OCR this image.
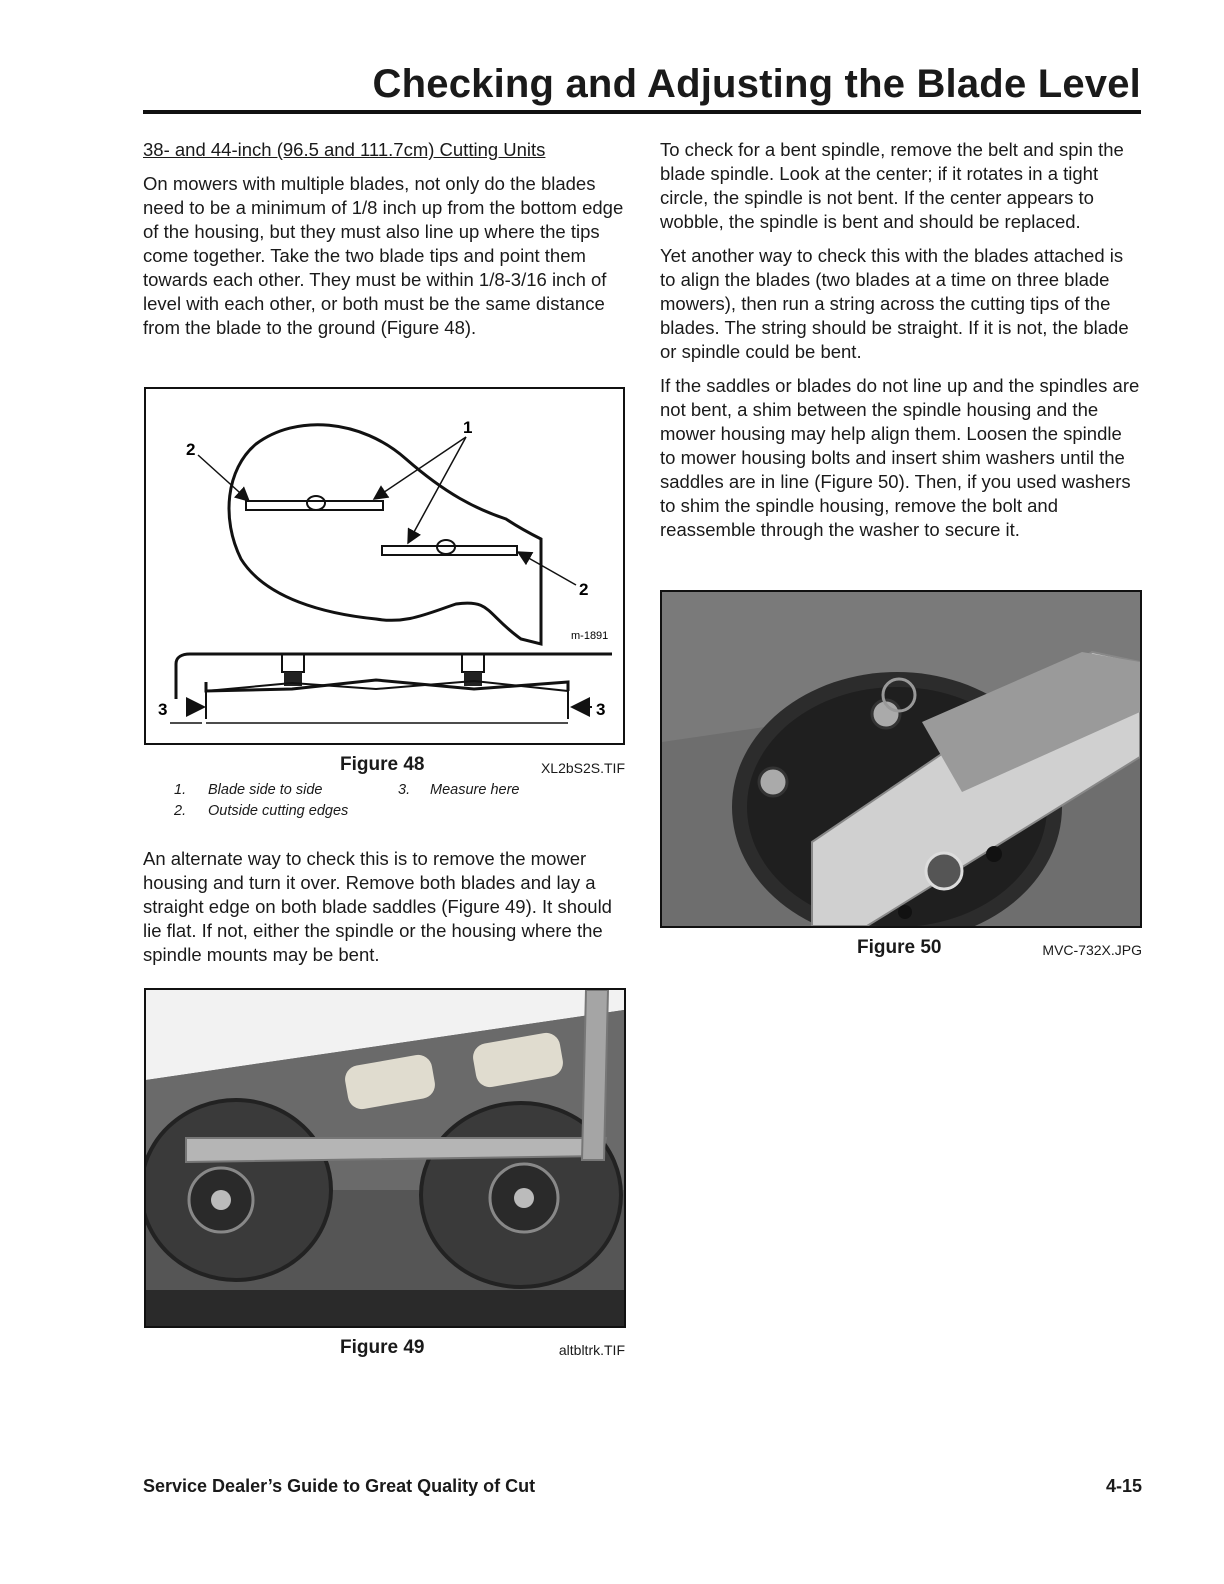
Checking and Adjusting the Blade Level

38- and 44-inch (96.5 and 111.7cm) Cutting Units

On mowers with multiple blades, not only do the blades need to be a minimum of 1/8 inch up from the bottom edge of the housing, but they must also line up where the tips come together. Take the two blade tips and point them towards each other. They must be within 1/8-3/16 inch of level with each other, or both must be the same distance from the blade to the ground (Figure 48).

1
2
2
m-1891
3	3
Figure 48	XL2bS2S.TIF
1. Blade side to side
2. Outside cutting edges
3. Measure here

An alternate way to check this is to remove the mower housing and turn it over. Remove both blades and lay a straight edge on both blade saddles (Figure 49). It should lie flat. If not, either the spindle or the housing where the spindle mounts may be bent.

Figure 49	altbltrk.TIF

To check for a bent spindle, remove the belt and spin the blade spindle. Look at the center; if it rotates in a tight circle, the spindle is not bent. If the center appears to wobble, the spindle is bent and should be replaced.

Yet another way to check this with the blades attached is to align the blades (two blades at a time on three blade mowers), then run a string across the cutting tips of the blades. The string should be straight. If it is not, the blade or spindle could be bent.

If the saddles or blades do not line up and the spindles are not bent, a shim between the spindle housing and the mower housing may help align them. Loosen the spindle to mower housing bolts and insert shim washers until the saddles are in line (Figure 50). Then, if you used washers to shim the spindle housing, remove the bolt and reassemble through the washer to secure it.

Figure 50	MVC-732X.JPG
Service Dealer’s Guide to Great Quality of Cut	4-15
